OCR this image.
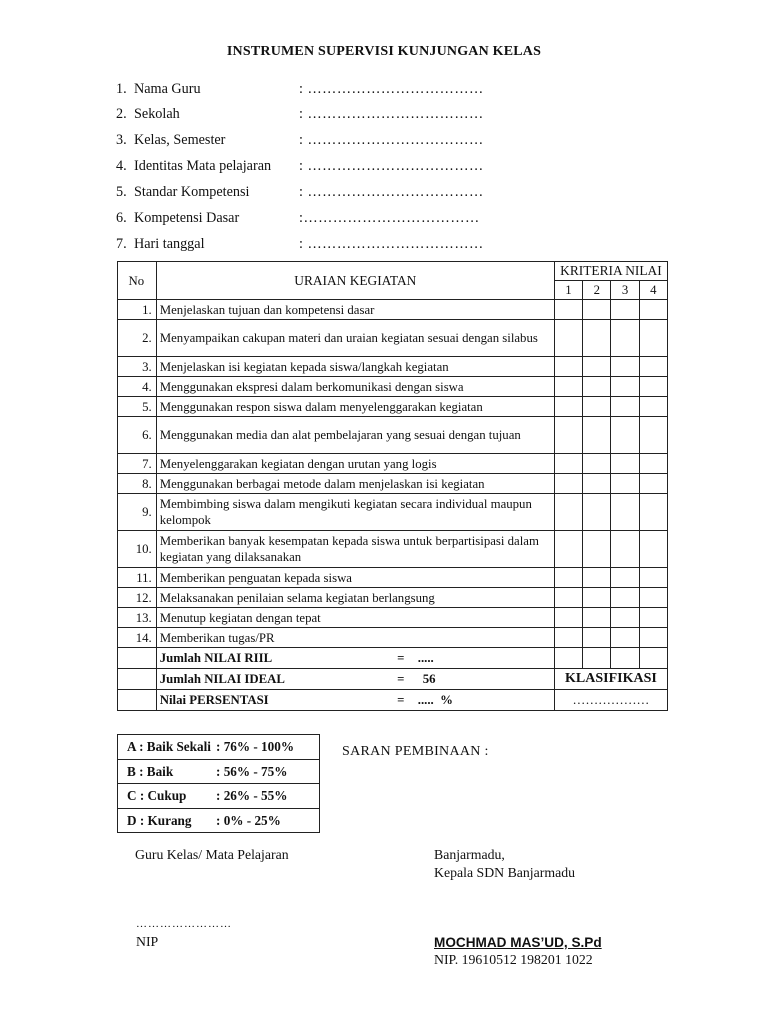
INSTRUMEN SUPERVISI KUNJUNGAN KELAS
1. Nama Guru	: ………………………………
2. Sekolah	: ………………………………
3. Kelas, Semester	: ………………………………
4. Identitas Mata pelajaran : ………………………………
5. Standar Kompetensi	: ………………………………
6. Kompetensi Dasar	:………………………………
7. Hari tanggal	: ………………………………
No	URAIAN KEGIATAN	KRITERIA NILAI			
		1	2	3	4
1.	Menjelaskan tujuan dan kompetensi dasar				
2.	Menyampaikan cakupan materi dan uraian kegiatan sesuai dengan silabus				
3.	Menjelaskan isi kegiatan kepada siswa/langkah kegiatan				
4.	Menggunakan ekspresi dalam berkomunikasi dengan siswa				
5.	Menggunakan respon siswa dalam menyelenggarakan kegiatan				
6.	Menggunakan media dan alat pembelajaran yang sesuai dengan tujuan				
7.	Menyelenggarakan kegiatan dengan urutan yang logis				
8.	Menggunakan berbagai metode dalam menjelaskan isi kegiatan				
9.	Membimbing siswa dalam mengikuti kegiatan secara individual maupun kelompok				
10.	Memberikan banyak kesempatan kepada siswa untuk berpartisipasi dalam kegiatan yang dilaksanakan				
11.	Memberikan penguatan kepada siswa				
12.	Melaksanakan penilaian selama kegiatan berlangsung				
13.	Menutup kegiatan dengan tepat				
14.	Memberikan tugas/PR				
	Jumlah NILAI RIIL = .....				
	Jumlah NILAI IDEAL = 56	KLASIFIKASI			
	Nilai PERSENTASI = .....  %	………………			
A : Baik Sekali : 76% - 100%
B : Baik	: 56% - 75%
C : Cukup : 26% - 55%
D : Kurang : 0% - 25%
SARAN PEMBINAAN :
Guru Kelas/ Mata Pelajaran
……………………
NIP
Banjarmadu,
Kepala SDN Banjarmadu
MOCHMAD MAS’UD, S.Pd
NIP. 19610512 198201 1022
